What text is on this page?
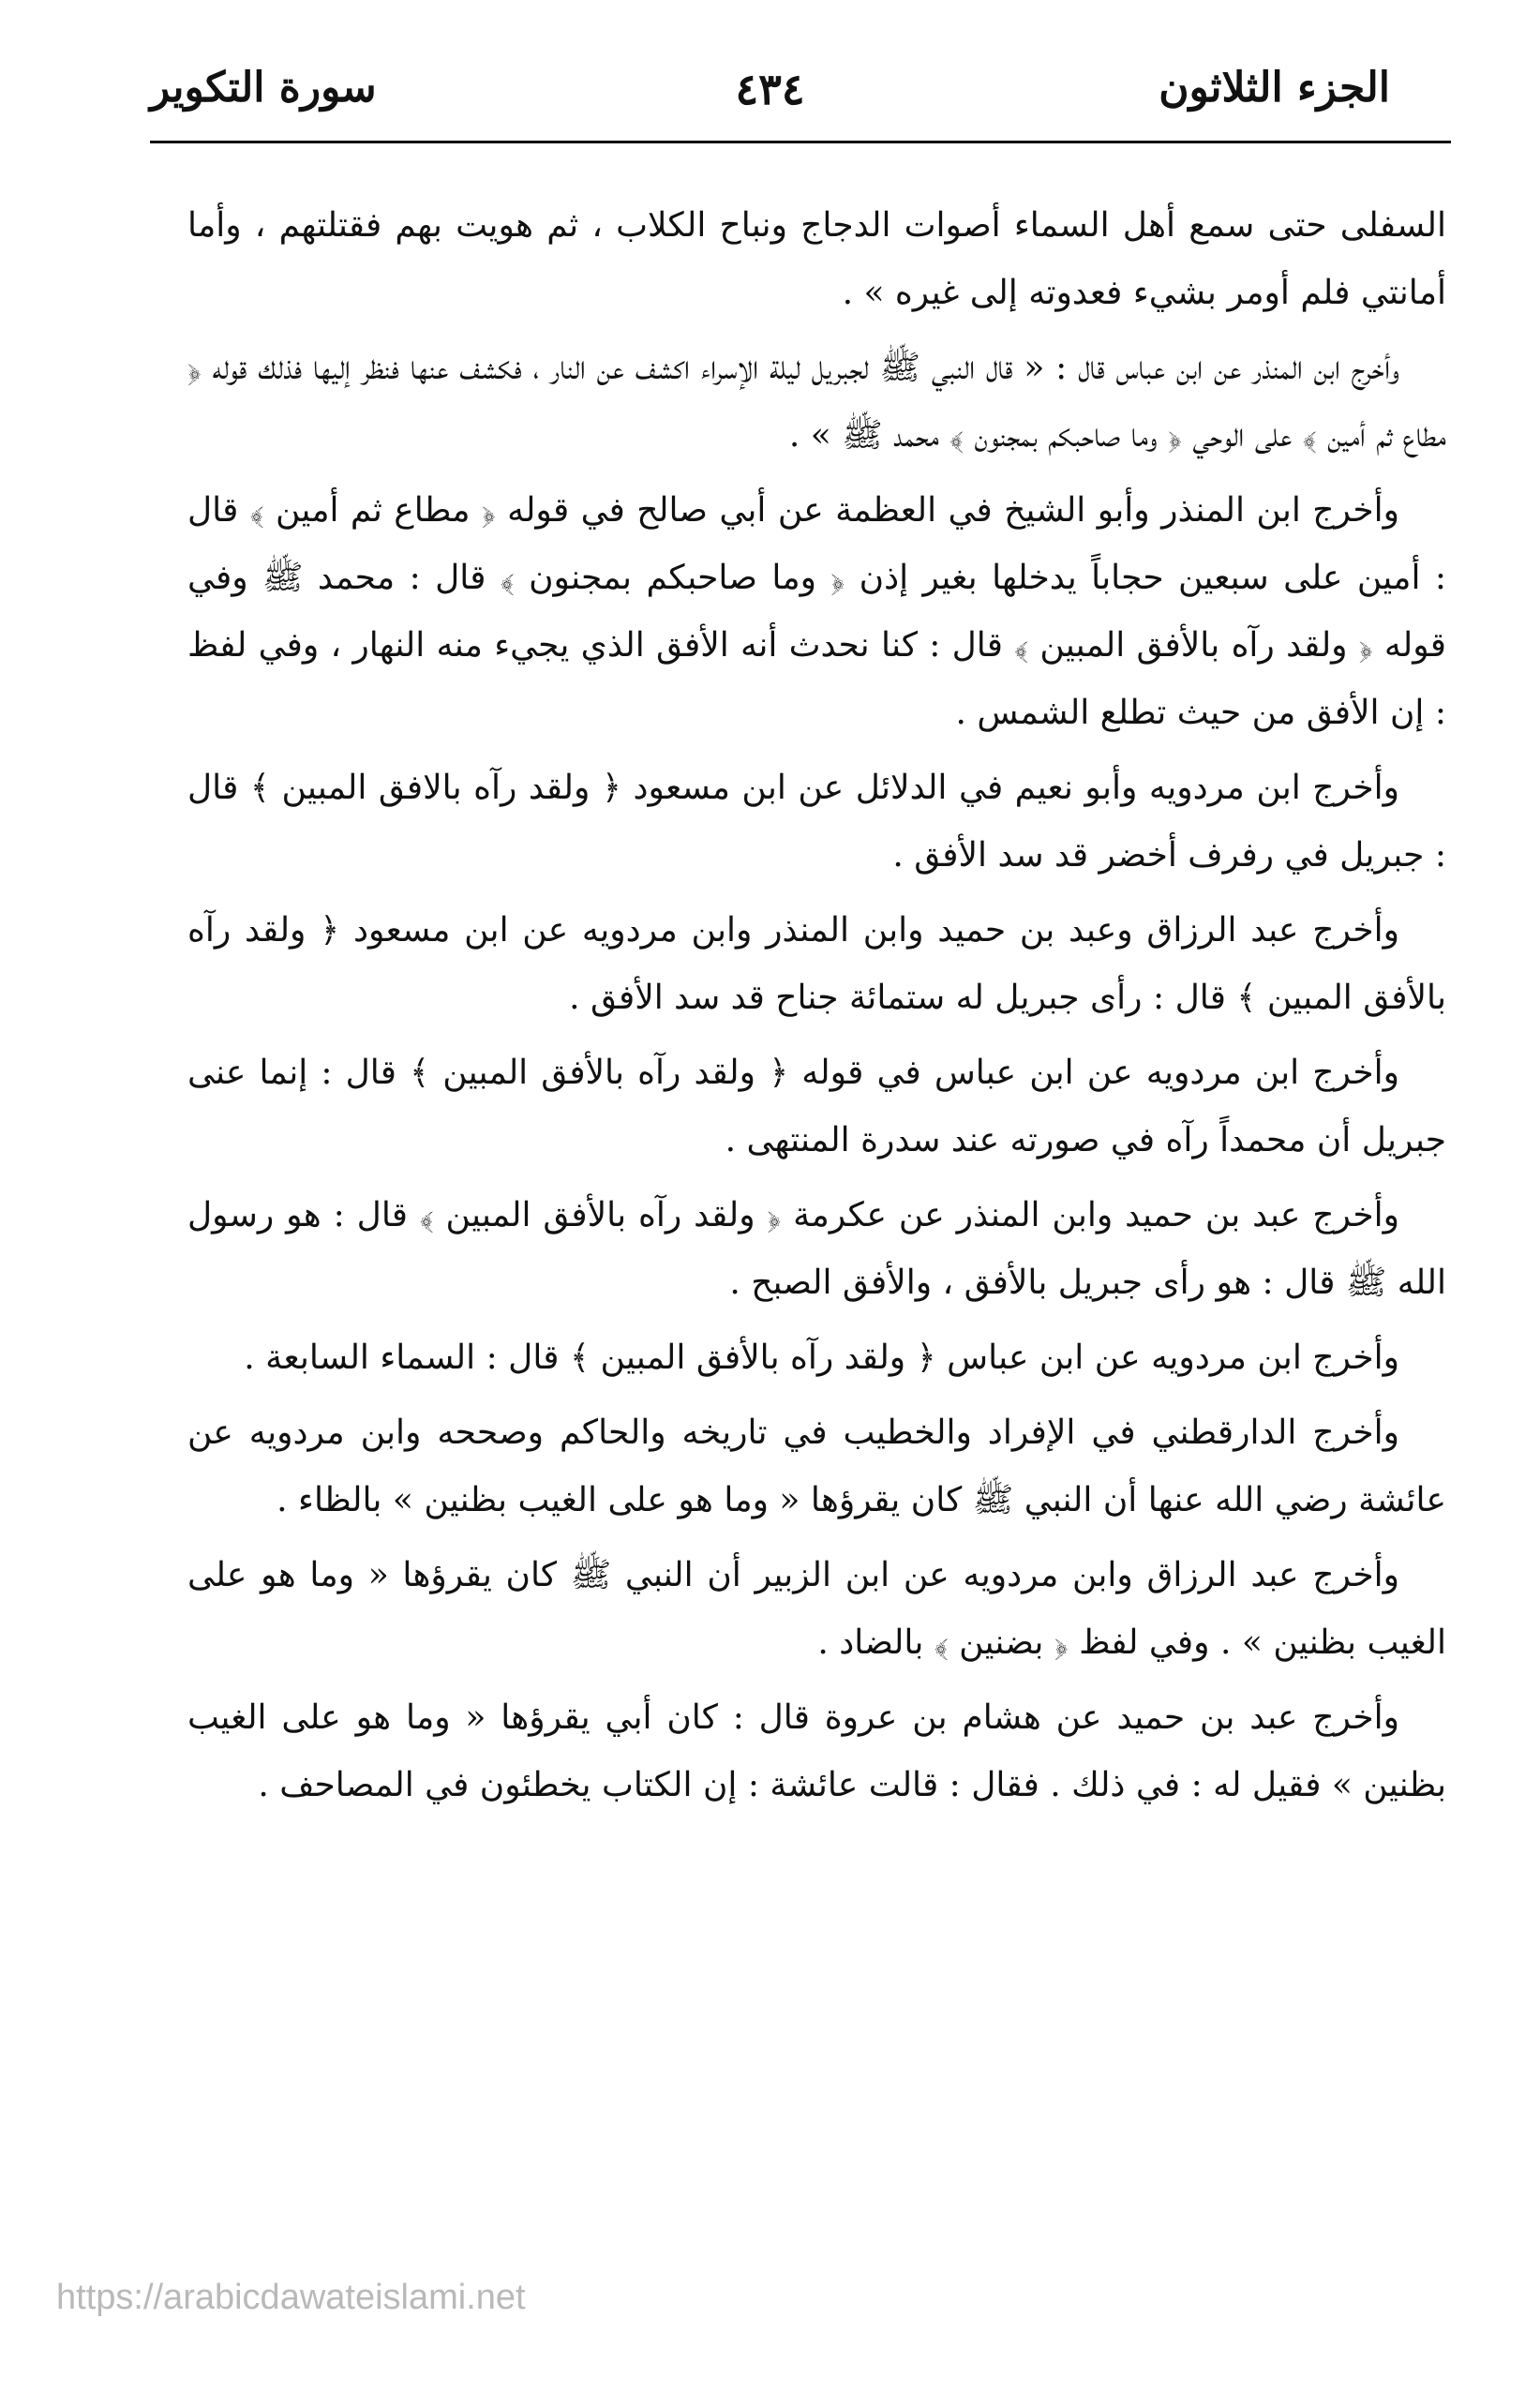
الجزء الثلاثون
٤٣٤
سورة التكوير

السفلى حتى سمع أهل السماء أصوات الدجاج ونباح الكلاب ، ثم هويت بهم فقتلتهم ، وأما أمانتي فلم أومر بشيء فعدوته إلى غيره » .

وأخرج ابن المنذر عن ابن عباس قال : « قال النبي ﷺ لجبريل ليلة الإسراء اكشف عن النار ، فكشف عنها فنظر إليها فذلك قوله ﴿ مطاع ثم أمين ﴾ على الوحي ﴿ وما صاحبكم بمجنون ﴾ محمد ﷺ » .

وأخرج ابن المنذر وأبو الشيخ في العظمة عن أبي صالح في قوله ﴿ مطاع ثم أمين ﴾ قال : أمين على سبعين حجاباً يدخلها بغير إذن ﴿ وما صاحبكم بمجنون ﴾ قال : محمد ﷺ وفي قوله ﴿ ولقد رآه بالأفق المبين ﴾ قال : كنا نحدث أنه الأفق الذي يجيء منه النهار ، وفي لفظ : إن الأفق من حيث تطلع الشمس .

وأخرج ابن مردويه وأبو نعيم في الدلائل عن ابن مسعود ﴿ ولقد رآه بالافق المبين ﴾ قال : جبريل في رفرف أخضر قد سد الأفق .

وأخرج عبد الرزاق وعبد بن حميد وابن المنذر وابن مردويه عن ابن مسعود ﴿ ولقد رآه بالأفق المبين ﴾ قال : رأى جبريل له ستمائة جناح قد سد الأفق .

وأخرج ابن مردويه عن ابن عباس في قوله ﴿ ولقد رآه بالأفق المبين ﴾ قال : إنما عنى جبريل أن محمداً رآه في صورته عند سدرة المنتهى .

وأخرج عبد بن حميد وابن المنذر عن عكرمة ﴿ ولقد رآه بالأفق المبين ﴾ قال : هو رسول الله ﷺ قال : هو رأى جبريل بالأفق ، والأفق الصبح .

وأخرج ابن مردويه عن ابن عباس ﴿ ولقد رآه بالأفق المبين ﴾ قال : السماء السابعة .

وأخرج الدارقطني في الإفراد والخطيب في تاريخه والحاكم وصححه وابن مردويه عن عائشة رضي الله عنها أن النبي ﷺ كان يقرؤها « وما هو على الغيب بظنين » بالظاء .

وأخرج عبد الرزاق وابن مردويه عن ابن الزبير أن النبي ﷺ كان يقرؤها « وما هو على الغيب بظنين » . وفي لفظ ﴿ بضنين ﴾ بالضاد .

وأخرج عبد بن حميد عن هشام بن عروة قال : كان أبي يقرؤها « وما هو على الغيب بظنين » فقيل له : في ذلك . فقال : قالت عائشة : إن الكتاب يخطئون في المصاحف .

https://arabicdawateislami.net
